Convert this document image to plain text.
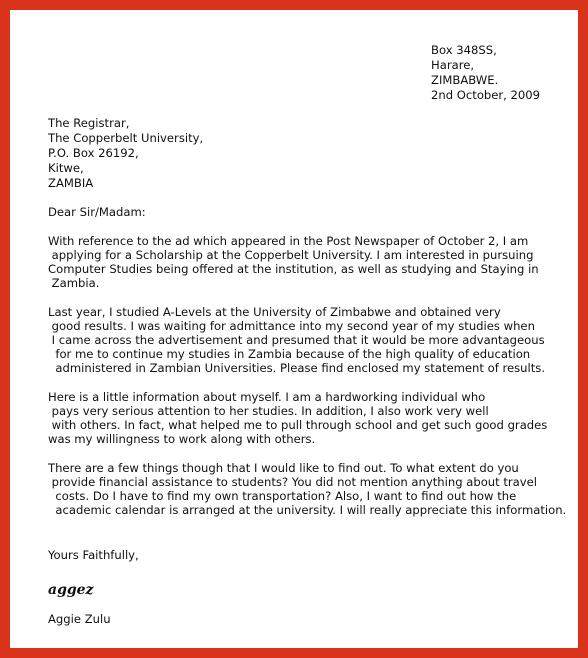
Box 348SS,
Harare,
ZIMBABWE.
2nd October, 2009
The Registrar,
The Copperbelt University,
P.O. Box 26192,
Kitwe,
ZAMBIA
Dear Sir/Madam:
With reference to the ad which appeared in the Post Newspaper of October 2, I am
applying for a Scholarship at the Copperbelt University. I am interested in pursuing
Computer Studies being offered at the institution, as well as studying and Staying in
Zambia.
Last year, I studied A-Levels at the University of Zimbabwe and obtained very
good results. I was waiting for admittance into my second year of my studies when
I came across the advertisement and presumed that it would be more advantageous
for me to continue my studies in Zambia because of the high quality of education
administered in Zambian Universities. Please find enclosed my statement of results.
Here is a little information about myself. I am a hardworking individual who
pays very serious attention to her studies. In addition, I also work very well
with others. In fact, what helped me to pull through school and get such good grades
was my willingness to work along with others.
There are a few things though that I would like to find out. To what extent do you
provide financial assistance to students? You did not mention anything about travel
costs. Do I have to find my own transportation? Also, I want to find out how the
academic calendar is arranged at the university. I will really appreciate this information.
Yours Faithfully,
aggez
Aggie Zulu
